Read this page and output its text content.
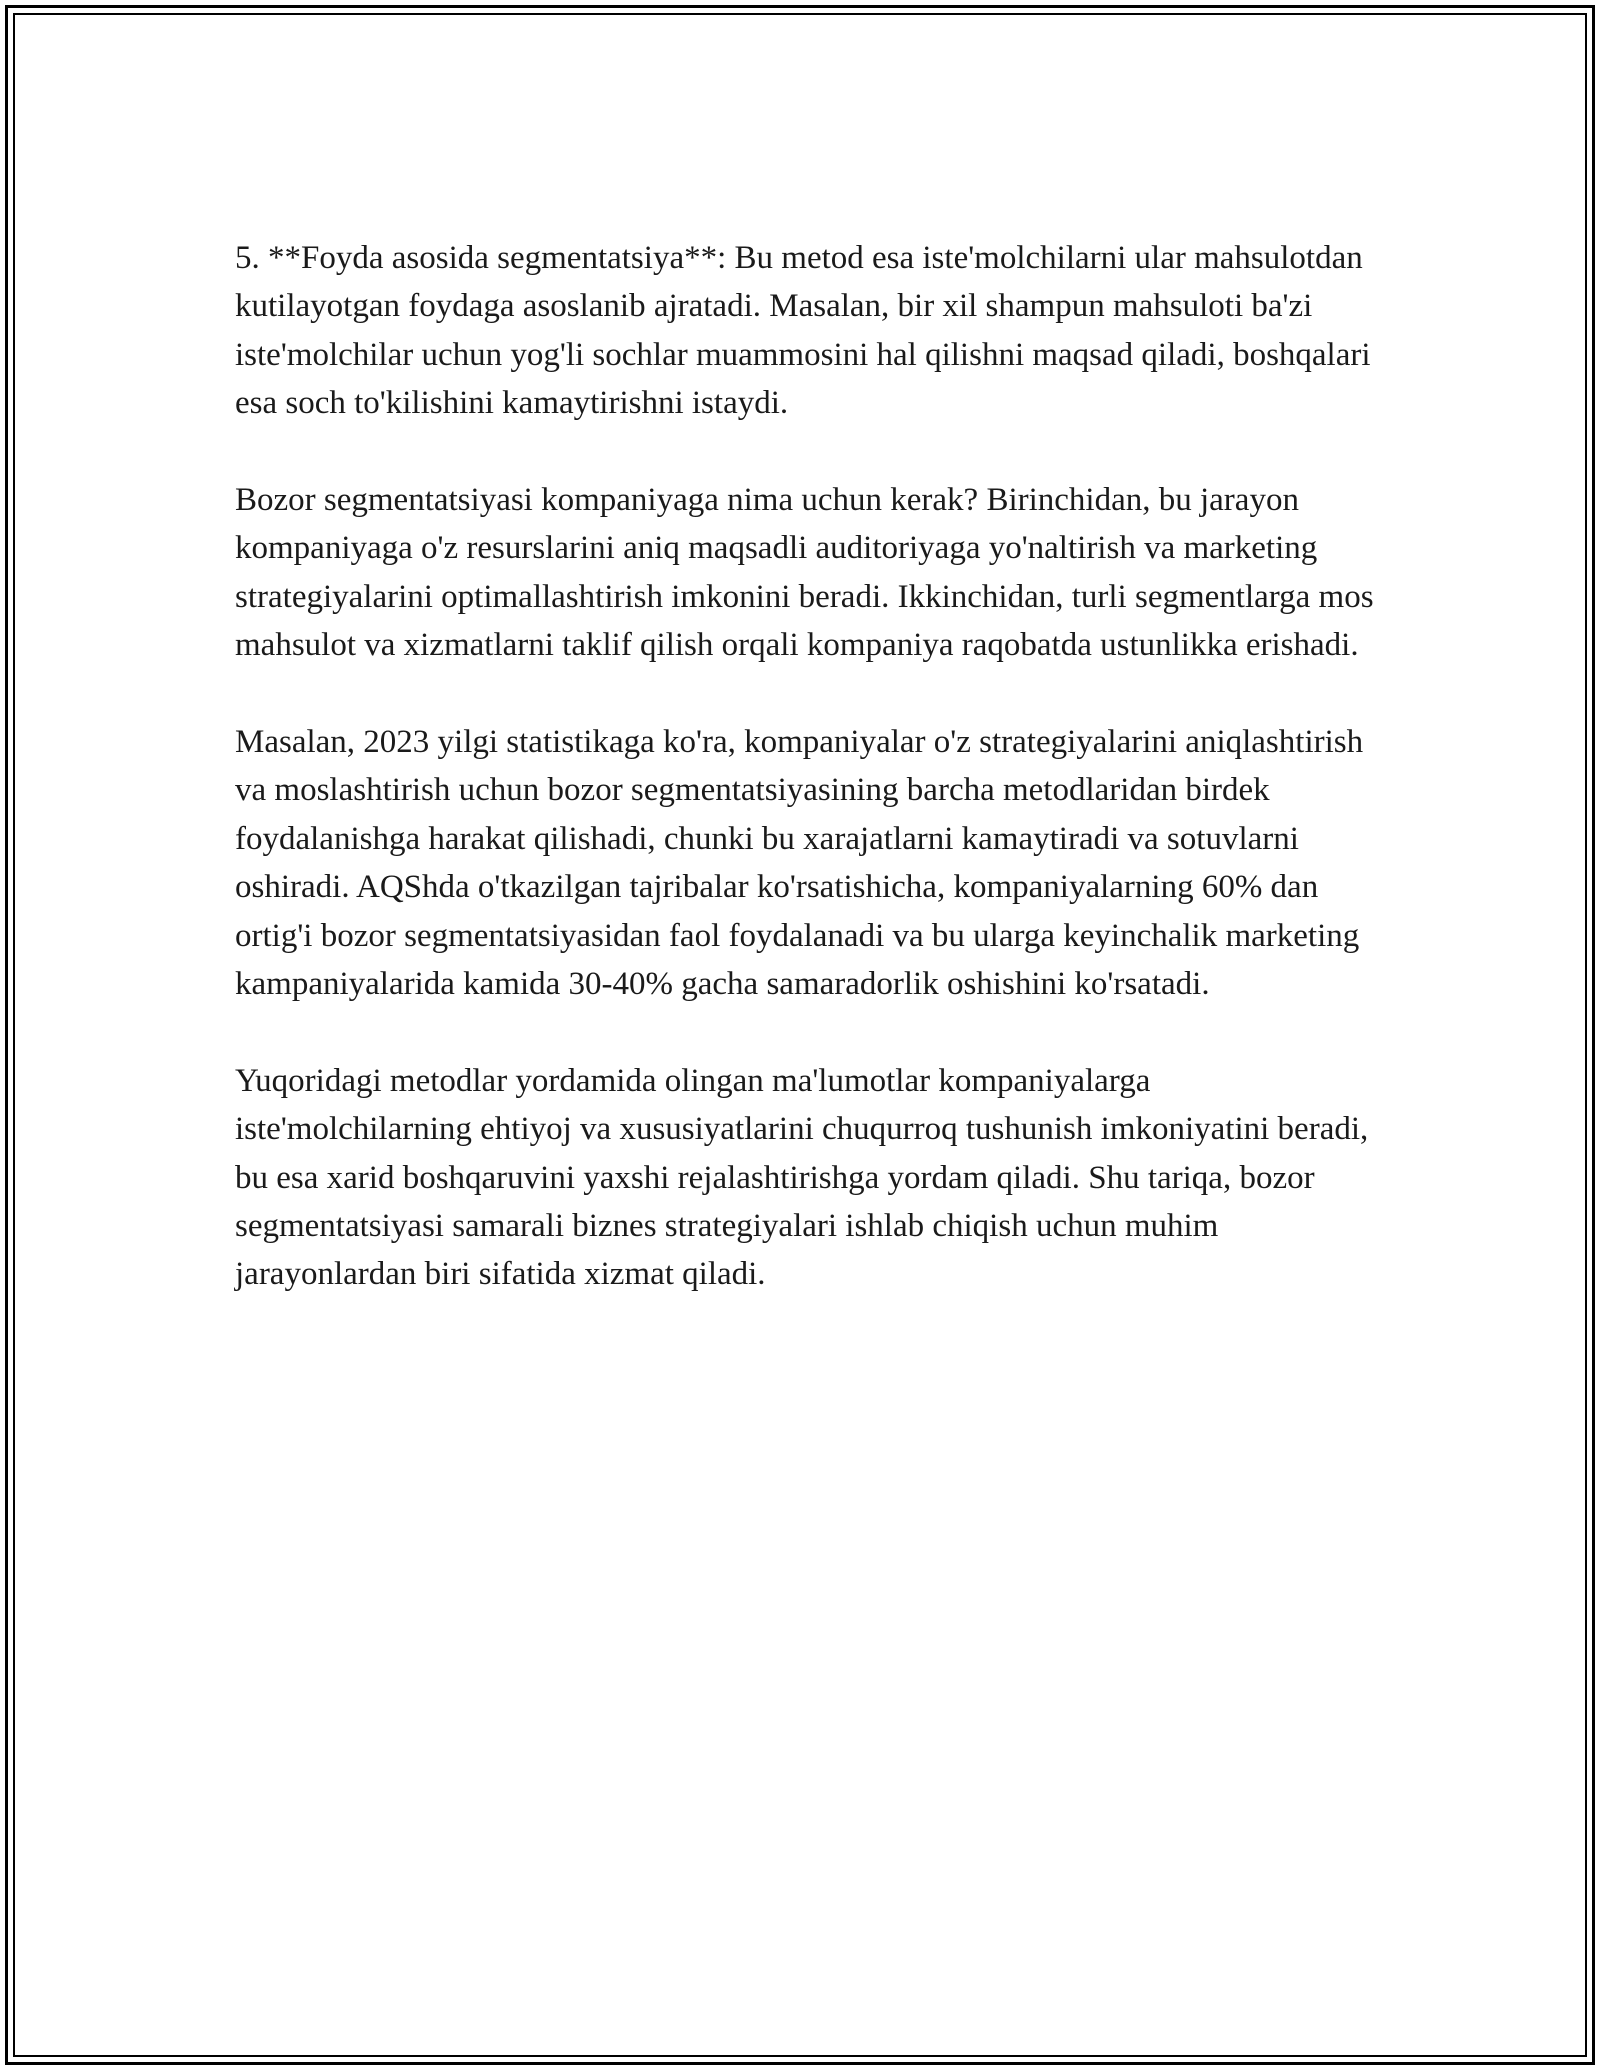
5. **Foyda asosida segmentatsiya**: Bu metod esa iste'molchilarni ular mahsulotdan kutilayotgan foydaga asoslanib ajratadi. Masalan, bir xil shampun mahsuloti ba'zi iste'molchilar uchun yog'li sochlar muammosini hal qilishni maqsad qiladi, boshqalari esa soch to'kilishini kamaytirishni istaydi.

Bozor segmentatsiyasi kompaniyaga nima uchun kerak? Birinchidan, bu jarayon kompaniyaga o'z resurslarini aniq maqsadli auditoriyaga yo'naltirish va marketing strategiyalarini optimallashtirish imkonini beradi. Ikkinchidan, turli segmentlarga mos mahsulot va xizmatlarni taklif qilish orqali kompaniya raqobatda ustunlikka erishadi.

Masalan, 2023 yilgi statistikaga ko'ra, kompaniyalar o'z strategiyalarini aniqlashtirish va moslashtirish uchun bozor segmentatsiyasining barcha metodlaridan birdek foydalanishga harakat qilishadi, chunki bu xarajatlarni kamaytiradi va sotuvlarni oshiradi. AQShda o'tkazilgan tajribalar ko'rsatishicha, kompaniyalarning 60% dan ortig'i bozor segmentatsiyasidan faol foydalanadi va bu ularga keyinchalik marketing kampaniyalarida kamida 30-40% gacha samaradorlik oshishini ko'rsatadi.

Yuqoridagi metodlar yordamida olingan ma'lumotlar kompaniyalarga iste'molchilarning ehtiyoj va xususiyatlarini chuqurroq tushunish imkoniyatini beradi, bu esa xarid boshqaruvini yaxshi rejalashtirishga yordam qiladi. Shu tariqa, bozor segmentatsiyasi samarali biznes strategiyalari ishlab chiqish uchun muhim jarayonlardan biri sifatida xizmat qiladi.
